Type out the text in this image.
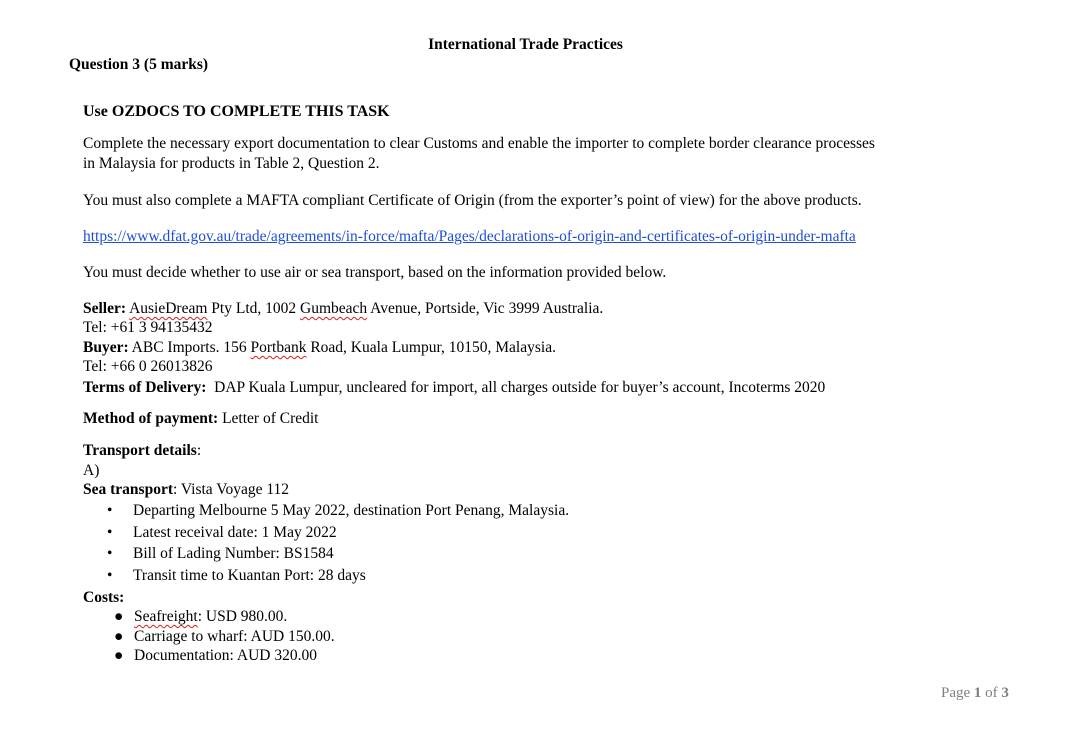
International Trade Practices
Question 3 (5 marks)
Use OZDOCS TO COMPLETE THIS TASK
Complete the necessary export documentation to clear Customs and enable the importer to complete border clearance processes
in Malaysia for products in Table 2, Question 2.
You must also complete a MAFTA compliant Certificate of Origin (from the exporter’s point of view) for the above products.
https://www.dfat.gov.au/trade/agreements/in-force/mafta/Pages/declarations-of-origin-and-certificates-of-origin-under-mafta
You must decide whether to use air or sea transport, based on the information provided below.
Seller: AusieDream Pty Ltd, 1002 Gumbeach Avenue, Portside, Vic 3999 Australia.
Tel: +61 3 94135432
Buyer: ABC Imports. 156 Portbank Road, Kuala Lumpur, 10150, Malaysia.
Tel: +66 0 26013826
Terms of Delivery:  DAP Kuala Lumpur, uncleared for import, all charges outside for buyer’s account, Incoterms 2020
Method of payment: Letter of Credit
Transport details:
A)
Sea transport: Vista Voyage 112
• Departing Melbourne 5 May 2022, destination Port Penang, Malaysia.
• Latest receival date: 1 May 2022
• Bill of Lading Number: BS1584
• Transit time to Kuantan Port: 28 days
Costs:
● Seafreight: USD 980.00.
● Carriage to wharf: AUD 150.00.
● Documentation: AUD 320.00
Page 1 of 3
